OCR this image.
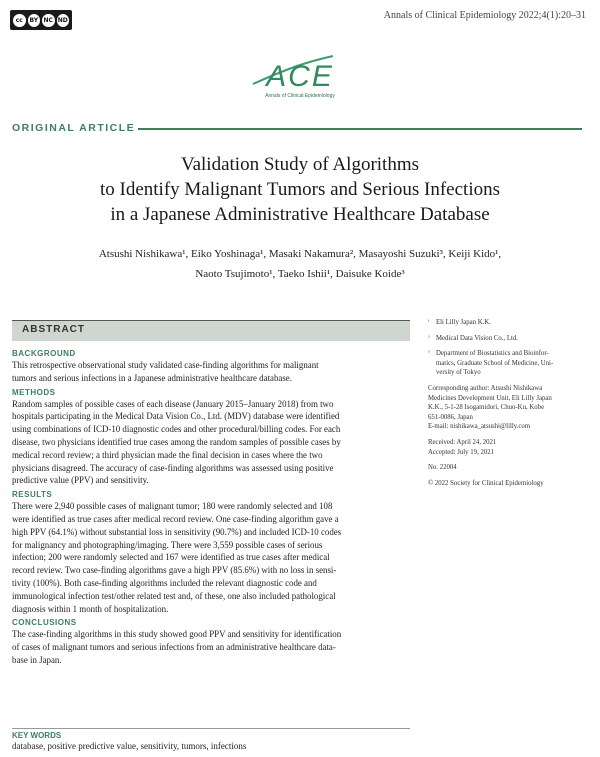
cc	BY NC ND	Annals of Clinical Epidemiology 2022;4(1):20–31
ACE
Annals of Clinical Epidemiology
ORIGINAL ARTICLE
Validation Study of Algorithms
to Identify Malignant Tumors and Serious Infections
in a Japanese Administrative Healthcare Database
Atsushi Nishikawa¹, Eiko Yoshinaga¹, Masaki Nakamura², Masayoshi Suzuki³, Keiji Kido¹,
Naoto Tsujimoto¹, Taeko Ishii¹, Daisuke Koide³
ABSTRACT
BACKGROUND
This retrospective observational study validated case-finding algorithms for malignant
tumors and serious infections in a Japanese administrative healthcare database.
METHODS
Random samples of possible cases of each disease (January 2015–January 2018) from two
hospitals participating in the Medical Data Vision Co., Ltd. (MDV) database were identified
using combinations of ICD-10 diagnostic codes and other procedural/billing codes. For each
disease, two physicians identified true cases among the random samples of possible cases by
medical record review; a third physician made the final decision in cases where the two
physicians disagreed. The accuracy of case-finding algorithms was assessed using positive
predictive value (PPV) and sensitivity.
RESULTS
There were 2,940 possible cases of malignant tumor; 180 were randomly selected and 108
were identified as true cases after medical record review. One case-finding algorithm gave a
high PPV (64.1%) without substantial loss in sensitivity (90.7%) and included ICD-10 codes
for malignancy and photographing/imaging. There were 3,559 possible cases of serious
infection; 200 were randomly selected and 167 were identified as true cases after medical
record review. Two case-finding algorithms gave a high PPV (85.6%) with no loss in sensi-
tivity (100%). Both case-finding algorithms included the relevant diagnostic code and
immunological infection test/other related test and, of these, one also included pathological
diagnosis within 1 month of hospitalization.
CONCLUSIONS
The case-finding algorithms in this study showed good PPV and sensitivity for identification
of cases of malignant tumors and serious infections from an administrative healthcare data-
base in Japan.
KEY WORDS
database, positive predictive value, sensitivity, tumors, infections

¹ Eli Lilly Japan K.K.

² Medical Data Vision Co., Ltd.

³ Department of Biostatistics and Bioinfor-
matics, Graduate School of Medicine, Uni-
versity of Tokyo

Corresponding author: Atsushi Nishikawa
Medicines Development Unit, Eli Lilly Japan
K.K., 5-1-28 Isogamidori, Chuo-Ku, Kobe
651-0086, Japan
E-mail: nishikawa_atsushi@lilly.com

Received: April 24, 2021
Accepted: July 19, 2021

No. 22004

© 2022 Society for Clinical Epidemiology
